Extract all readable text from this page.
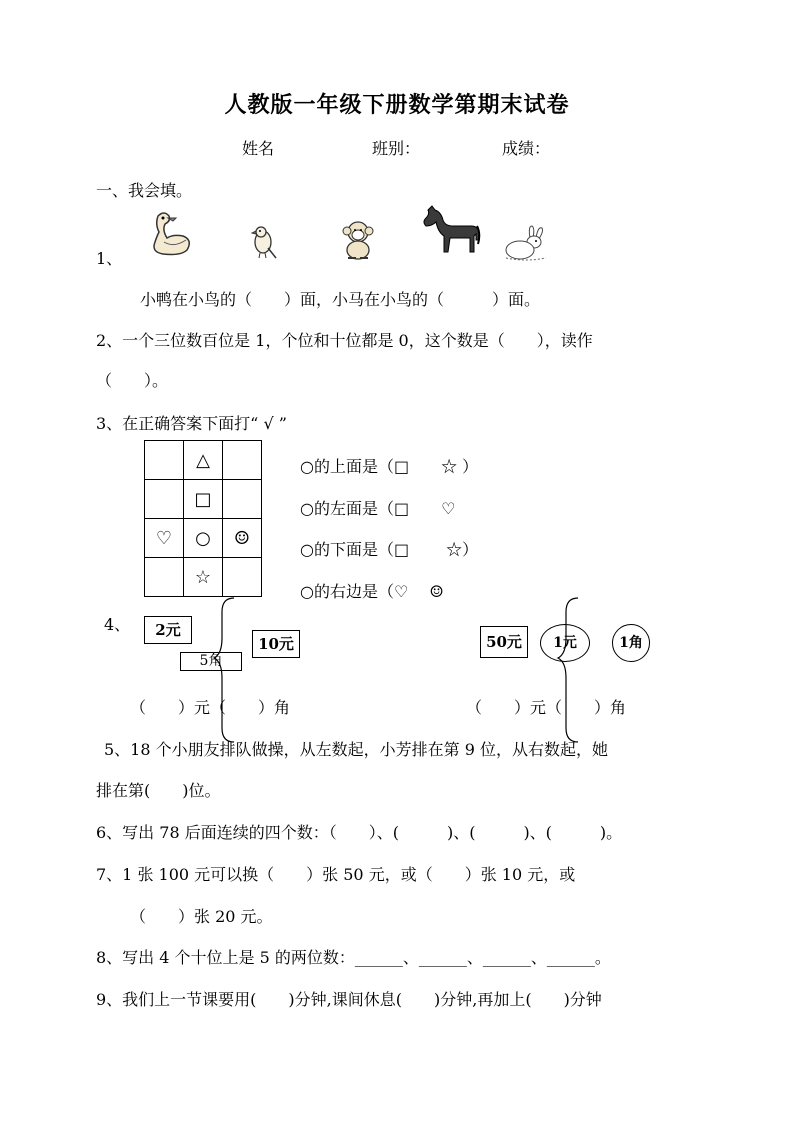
人教版一年级下册数学第期末试卷
姓名	班别：	成绩：
一、我会填。
1、
小鸭在小鸟的（　　）面，小马在小鸟的（　　　）面。
2、一个三位数百位是 1，个位和十位都是 0，这个数是（　　），读作
（　　）。
3、在正确答案下面打“ √ ”
	△	
	□	
♡	○	☺
	☆	
○的上面是（□　　☆ ）
○的左面是（□　　♡
○的下面是（□　　 ☆）
○的右边是（♡　 ☺
4、	2元
10元
5角
50元	1元	1角
（　　）元（　　）角	（　　）元（　　）角
5、18 个小朋友排队做操，从左数起，小芳排在第 9 位，从右数起，她
排在第(　　)位。
6、写出 78 后面连续的四个数：（　　）、(　　　)、(　　　)、(　　　)。
7、1 张 100 元可以换（　　）张 50 元，或（　　）张 10 元，或
（　　）张 20 元。
8、写出 4 个十位上是 5 的两位数：______、______、______、______。
9、我们上一节课要用(　　)分钟,课间休息(　　)分钟,再加上(　　)分钟
